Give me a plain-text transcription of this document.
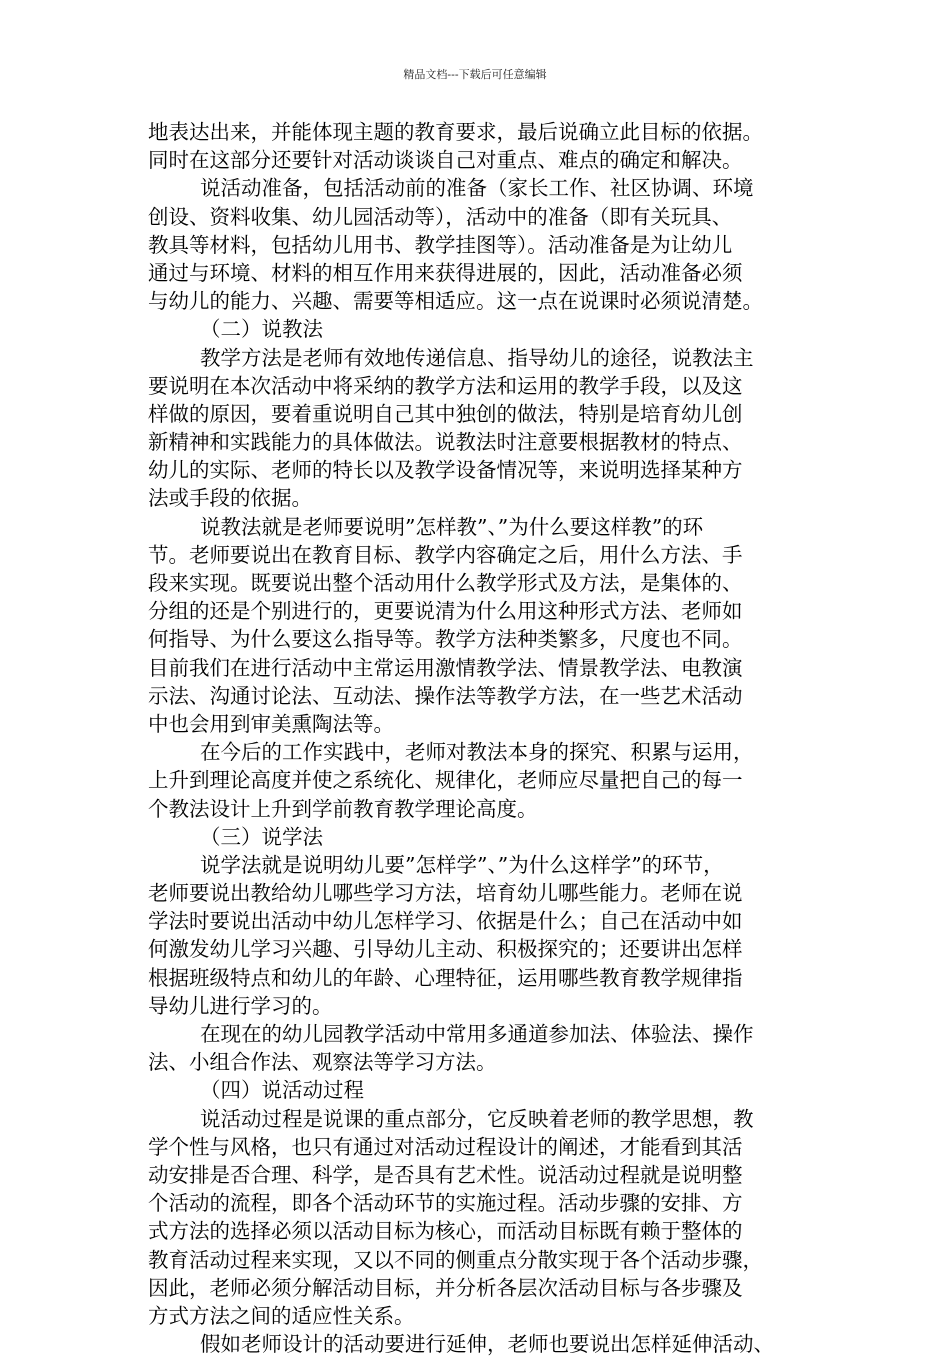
精品文档---下载后可任意编辑
地表达出来，并能体现主题的教育要求，最后说确立此目标的依据。
同时在这部分还要针对活动谈谈自己对重点、难点的确定和解决。
说活动准备，包括活动前的准备（家长工作、社区协调、环境
创设、资料收集、幼儿园活动等），活动中的准备（即有关玩具、
教具等材料，包括幼儿用书、教学挂图等）。活动准备是为让幼儿
通过与环境、材料的相互作用来获得进展的，因此，活动准备必须
与幼儿的能力、兴趣、需要等相适应。这一点在说课时必须说清楚。
（二）说教法
教学方法是老师有效地传递信息、指导幼儿的途径，说教法主
要说明在本次活动中将采纳的教学方法和运用的教学手段，以及这
样做的原因，要着重说明自己其中独创的做法，特别是培育幼儿创
新精神和实践能力的具体做法。说教法时注意要根据教材的特点、
幼儿的实际、老师的特长以及教学设备情况等，来说明选择某种方
法或手段的依据。
说教法就是老师要说明”怎样教”、”为什么要这样教”的环
节。老师要说出在教育目标、教学内容确定之后，用什么方法、手
段来实现。既要说出整个活动用什么教学形式及方法，是集体的、
分组的还是个别进行的，更要说清为什么用这种形式方法、老师如
何指导、为什么要这么指导等。教学方法种类繁多，尺度也不同。
目前我们在进行活动中主常运用激情教学法、情景教学法、电教演
示法、沟通讨论法、互动法、操作法等教学方法，在一些艺术活动
中也会用到审美熏陶法等。
在今后的工作实践中，老师对教法本身的探究、积累与运用，
上升到理论高度并使之系统化、规律化，老师应尽量把自己的每一
个教法设计上升到学前教育教学理论高度。
（三）说学法
说学法就是说明幼儿要”怎样学”、”为什么这样学”的环节，
老师要说出教给幼儿哪些学习方法，培育幼儿哪些能力。老师在说
学法时要说出活动中幼儿怎样学习、依据是什么；自己在活动中如
何激发幼儿学习兴趣、引导幼儿主动、积极探究的；还要讲出怎样
根据班级特点和幼儿的年龄、心理特征，运用哪些教育教学规律指
导幼儿进行学习的。
在现在的幼儿园教学活动中常用多通道参加法、体验法、操作
法、小组合作法、观察法等学习方法。
（四）说活动过程
说活动过程是说课的重点部分，它反映着老师的教学思想，教
学个性与风格，也只有通过对活动过程设计的阐述，才能看到其活
动安排是否合理、科学，是否具有艺术性。说活动过程就是说明整
个活动的流程，即各个活动环节的实施过程。活动步骤的安排、方
式方法的选择必须以活动目标为核心，而活动目标既有赖于整体的
教育活动过程来实现，又以不同的侧重点分散实现于各个活动步骤，
因此，老师必须分解活动目标，并分析各层次活动目标与各步骤及
方式方法之间的适应性关系。
假如老师设计的活动要进行延伸，老师也要说出怎样延伸活动、
